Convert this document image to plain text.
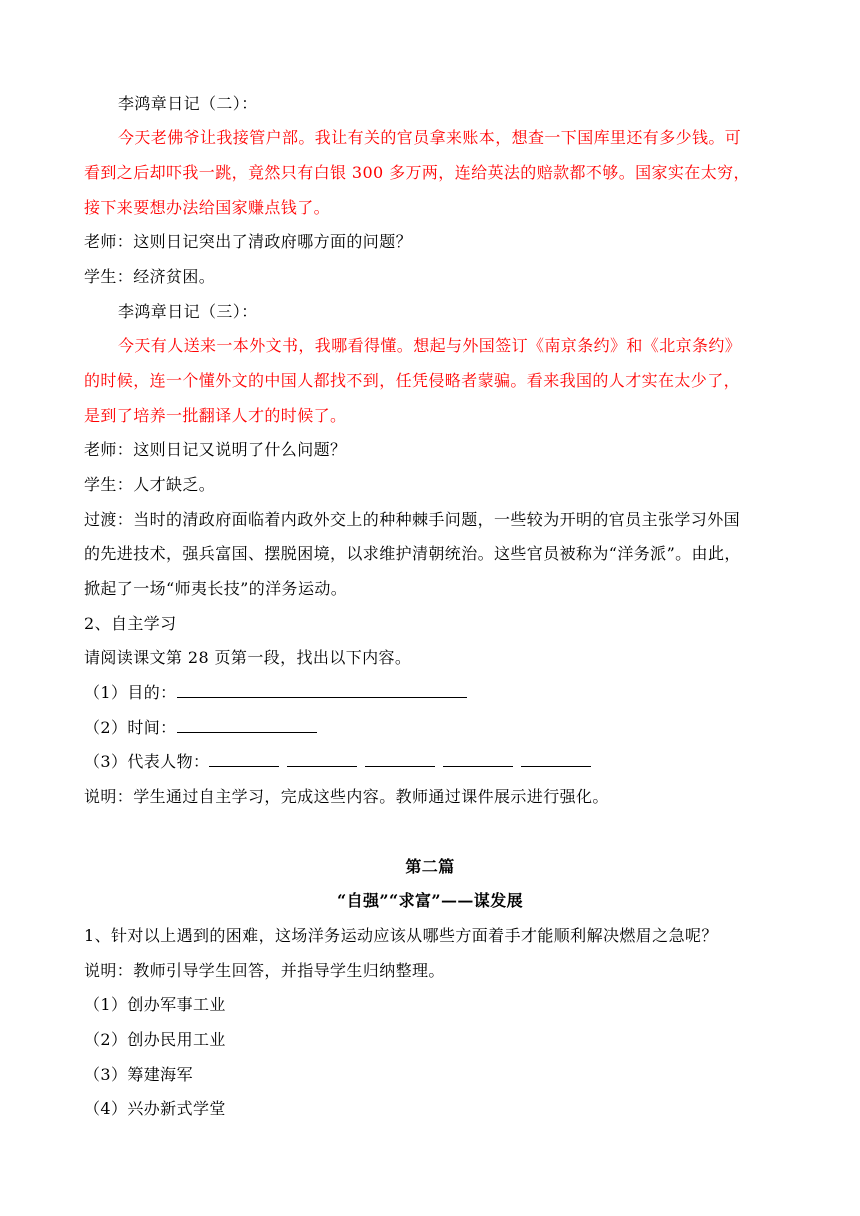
李鸿章日记（二）：
今天老佛爷让我接管户部。我让有关的官员拿来账本，想查一下国库里还有多少钱。可
看到之后却吓我一跳，竟然只有白银 300 多万两，连给英法的赔款都不够。国家实在太穷，
接下来要想办法给国家赚点钱了。
老师：这则日记突出了清政府哪方面的问题？
学生：经济贫困。
李鸿章日记（三）：
今天有人送来一本外文书，我哪看得懂。想起与外国签订《南京条约》和《北京条约》
的时候，连一个懂外文的中国人都找不到，任凭侵略者蒙骗。看来我国的人才实在太少了，
是到了培养一批翻译人才的时候了。
老师：这则日记又说明了什么问题？
学生：人才缺乏。
过渡：当时的清政府面临着内政外交上的种种棘手问题，一些较为开明的官员主张学习外国
的先进技术，强兵富国、摆脱困境，以求维护清朝统治。这些官员被称为“洋务派”。由此，
掀起了一场“师夷长技”的洋务运动。
2、自主学习
请阅读课文第 28 页第一段，找出以下内容。
（1）目的：
（2）时间：
（3）代表人物：
说明：学生通过自主学习，完成这些内容。教师通过课件展示进行强化。
第二篇
“自强”“求富”——谋发展
1、针对以上遇到的困难，这场洋务运动应该从哪些方面着手才能顺利解决燃眉之急呢？
说明：教师引导学生回答，并指导学生归纳整理。
（1）创办军事工业
（2）创办民用工业
（3）筹建海军
（4）兴办新式学堂
